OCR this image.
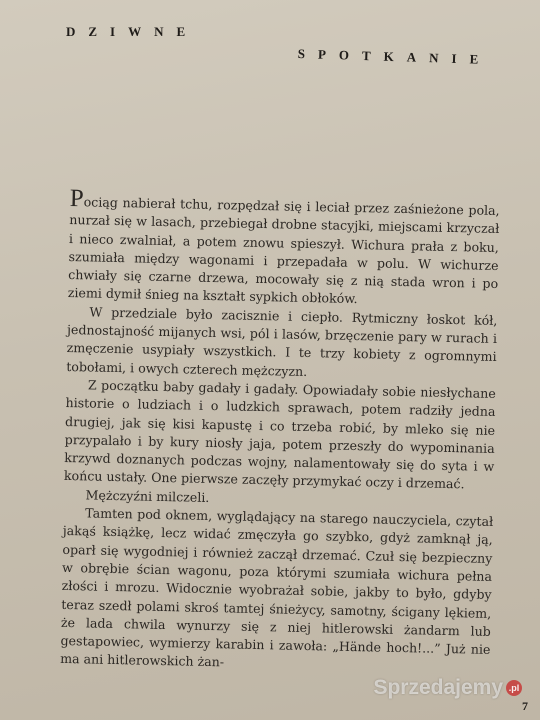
DZIWNE
SPOTKANIE

Pociąg nabierał tchu, rozpędzał się i leciał przez zaśnieżone pola, nurzał się w lasach, przebiegał drobne stacyjki, miejscami krzyczał i nieco zwalniał, a potem znowu spieszył. Wichura prała z boku, szumiała między wagonami i przepadała w polu. W wichurze chwiały się czarne drzewa, mocowały się z nią stada wron i po ziemi dymił śnieg na kształt sypkich obłoków.

W przedziale było zacisznie i ciepło. Rytmiczny łoskot kół, jednostajność mijanych wsi, pól i lasów, brzęczenie pary w rurach i zmęczenie usypiały wszystkich. I te trzy kobiety z ogromnymi tobołami, i owych czterech mężczyzn.

Z początku baby gadały i gadały. Opowiadały sobie niesłychane historie o ludziach i o ludzkich sprawach, potem radziły jedna drugiej, jak się kisi kapustę i co trzeba robić, by mleko się nie przypalało i by kury niosły jaja, potem przeszły do wypominania krzywd doznanych podczas wojny, nalamentowały się do syta i w końcu ustały. One pierwsze zaczęły przymykać oczy i drzemać.

Mężczyźni milczeli.

Tamten pod oknem, wyglądający na starego nauczyciela, czytał jakąś książkę, lecz widać zmęczyła go szybko, gdyż zamknął ją, oparł się wygodniej i również zaczął drzemać. Czuł się bezpieczny w obrębie ścian wagonu, poza którymi szumiała wichura pełna złości i mrozu. Widocznie wyobrażał sobie, jakby to było, gdyby teraz szedł polami skroś tamtej śnieżycy, samotny, ścigany lękiem, że lada chwila wynurzy się z niej hitlerowski żandarm lub gestapowiec, wymierzy karabin i zawoła: „Hände hoch!...” Już nie ma ani hitlerowskich żan-

Sprzedajemy .pl
7
